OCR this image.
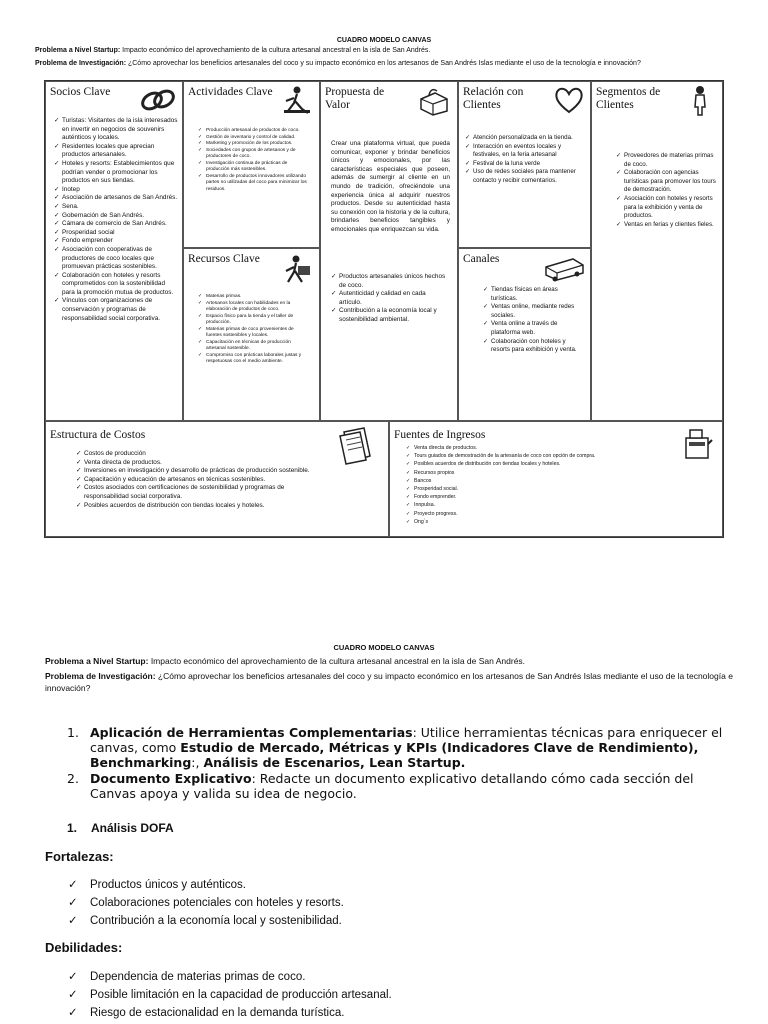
CUADRO MODELO CANVAS
Problema a Nivel Startup: Impacto económico del aprovechamiento de la cultura artesanal ancestral en la isla de San Andrés.
Problema de Investigación: ¿Cómo aprovechar los beneficios artesanales del coco y su impacto económico en los artesanos de San Andrés Islas mediante el uso de la tecnología e innovación?
Socios Clave
✓ Turistas: Visitantes de la isla interesados en invertir en negocios de souvenirs auténticos y locales.
✓ Residentes locales que aprecian productos artesanales.
✓ Hoteles y resorts: Establecimientos que podrían vender o promocionar los productos en sus tiendas.
✓ Inotep
✓ Asociación de artesanos de San Andrés.
✓ Sena.
✓ Gobernación de San Andrés.
✓ Cámara de comercio de San Andrés.
✓ Prosperidad social
✓ Fondo emprender
✓ Asociación con cooperativas de productores de coco locales que promuevan prácticas sostenibles.
✓ Colaboración con hoteles y resorts comprometidos con la sostenibilidad para la promoción mutua de productos.
✓ Vínculos con organizaciones de conservación y programas de responsabilidad social corporativa.
Actividades Clave
✓ Producción artesanal de productos de coco.
✓ Gestión de inventario y control de calidad.
✓ Marketing y promoción de los productos.
✓ Sociedades con grupos de artesanos y de productores de coco.
✓ Investigación continua de prácticas de producción más sostenibles.
✓ Desarrollo de productos innovadores utilizando partes no utilizadas del coco para minimizar los residuos.
Recursos Clave
✓ Materias primas.
✓ Artesanos locales con habilidades en la elaboración de productos de coco.
✓ Espacio físico para la tienda y el taller de producción.
✓ Materias primas de coco provenientes de fuentes sostenibles y locales.
✓ Capacitación en técnicas de producción artesanal sostenible.
✓ Compromiso con prácticas laborales justas y respetuosas con el medio ambiente.
Propuesta de Valor
Crear una plataforma virtual, que pueda comunicar, exponer y brindar beneficios únicos y emocionales, por las características especiales que poseen, además de sumergir al cliente en un mundo de tradición, ofreciéndole una experiencia única al adquirir nuestros productos. Desde su autenticidad hasta su conexión con la historia y de la cultura, brindarles beneficios tangibles y emocionales que enriquezcan su vida.
✓ Productos artesanales únicos hechos de coco.
✓ Autenticidad y calidad en cada artículo.
✓ Contribución a la economía local y sostenibilidad ambiental.
Relación con Clientes
✓ Atención personalizada en la tienda.
✓ Interacción en eventos locales y festivales, en la feria artesanal
✓ Festival de la luna verde
✓ Uso de redes sociales para mantener contacto y recibir comentarios.
Canales
✓ Tiendas físicas en áreas turísticas.
✓ Ventas online, mediante redes sociales.
✓ Venta online a través de plataforma web.
✓ Colaboración con hoteles y resorts para exhibición y venta.
Segmentos de Clientes
✓ Proveedores de materias primas de coco.
✓ Colaboración con agencias turísticas para promover los tours de demostración.
✓ Asociación con hoteles y resorts para la exhibición y venta de productos.
✓ Ventas en ferias y clientes fieles.
Estructura de Costos
✓ Costos de producción
✓ Venta directa de productos.
✓ Inversiones en investigación y desarrollo de prácticas de producción sostenible.
✓ Capacitación y educación de artesanos en técnicas sostenibles.
✓ Costos asociados con certificaciones de sostenibilidad y programas de responsabilidad social corporativa.
✓ Posibles acuerdos de distribución con tiendas locales y hoteles.
Fuentes de Ingresos
✓ Venta directa de productos.
✓ Tours guiados de demostración de la artesanía de coco con opción de compra.
✓ Posibles acuerdos de distribución con tiendas locales y hoteles.
✓ Recursos propios
✓ Bancos
✓ Prosperidad social.
✓ Fondo emprender.
✓ Innpulsa.
✓ Proyecto progress.
✓ Ong´s
CUADRO MODELO CANVAS
Problema a Nivel Startup: Impacto económico del aprovechamiento de la cultura artesanal ancestral en la isla de San Andrés.
Problema de Investigación: ¿Cómo aprovechar los beneficios artesanales del coco y su impacto económico en los artesanos de San Andrés Islas mediante el uso de la tecnología e innovación?
1. Aplicación de Herramientas Complementarias: Utilice herramientas técnicas para enriquecer el canvas, como Estudio de Mercado, Métricas y KPIs (Indicadores Clave de Rendimiento), Benchmarking:, Análisis de Escenarios, Lean Startup.
2. Documento Explicativo: Redacte un documento explicativo detallando cómo cada sección del Canvas apoya y valida su idea de negocio.
1. Análisis DOFA
Fortalezas:
✓ Productos únicos y auténticos.
✓ Colaboraciones potenciales con hoteles y resorts.
✓ Contribución a la economía local y sostenibilidad.
Debilidades:
✓ Dependencia de materias primas de coco.
✓ Posible limitación en la capacidad de producción artesanal.
✓ Riesgo de estacionalidad en la demanda turística.
